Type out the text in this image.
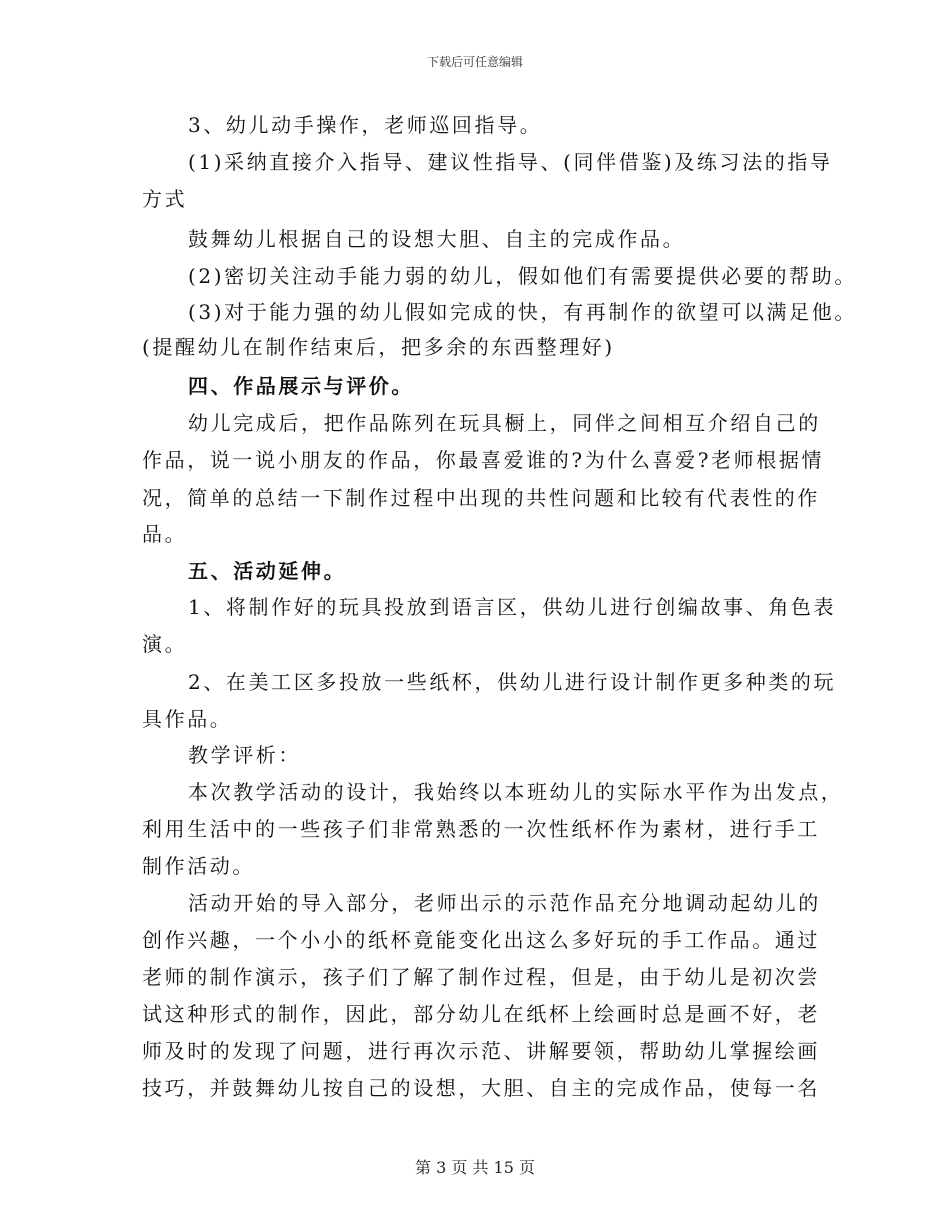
下载后可任意编辑
3、幼儿动手操作，老师巡回指导。
(1)采纳直接介入指导、建议性指导、(同伴借鉴)及练习法的指导
方式
鼓舞幼儿根据自己的设想大胆、自主的完成作品。
(2)密切关注动手能力弱的幼儿，假如他们有需要提供必要的帮助。
(3)对于能力强的幼儿假如完成的快，有再制作的欲望可以满足他。
(提醒幼儿在制作结束后，把多余的东西整理好)
四、作品展示与评价。
幼儿完成后，把作品陈列在玩具橱上，同伴之间相互介绍自己的
作品，说一说小朋友的作品，你最喜爱谁的?为什么喜爱?老师根据情
况，简单的总结一下制作过程中出现的共性问题和比较有代表性的作
品。
五、活动延伸。
1、将制作好的玩具投放到语言区，供幼儿进行创编故事、角色表
演。
2、在美工区多投放一些纸杯，供幼儿进行设计制作更多种类的玩
具作品。
教学评析：
本次教学活动的设计，我始终以本班幼儿的实际水平作为出发点，
利用生活中的一些孩子们非常熟悉的一次性纸杯作为素材，进行手工
制作活动。
活动开始的导入部分，老师出示的示范作品充分地调动起幼儿的
创作兴趣，一个小小的纸杯竟能变化出这么多好玩的手工作品。通过
老师的制作演示，孩子们了解了制作过程，但是，由于幼儿是初次尝
试这种形式的制作，因此，部分幼儿在纸杯上绘画时总是画不好，老
师及时的发现了问题，进行再次示范、讲解要领，帮助幼儿掌握绘画
技巧，并鼓舞幼儿按自己的设想，大胆、自主的完成作品，使每一名
第 3 页 共 15 页
